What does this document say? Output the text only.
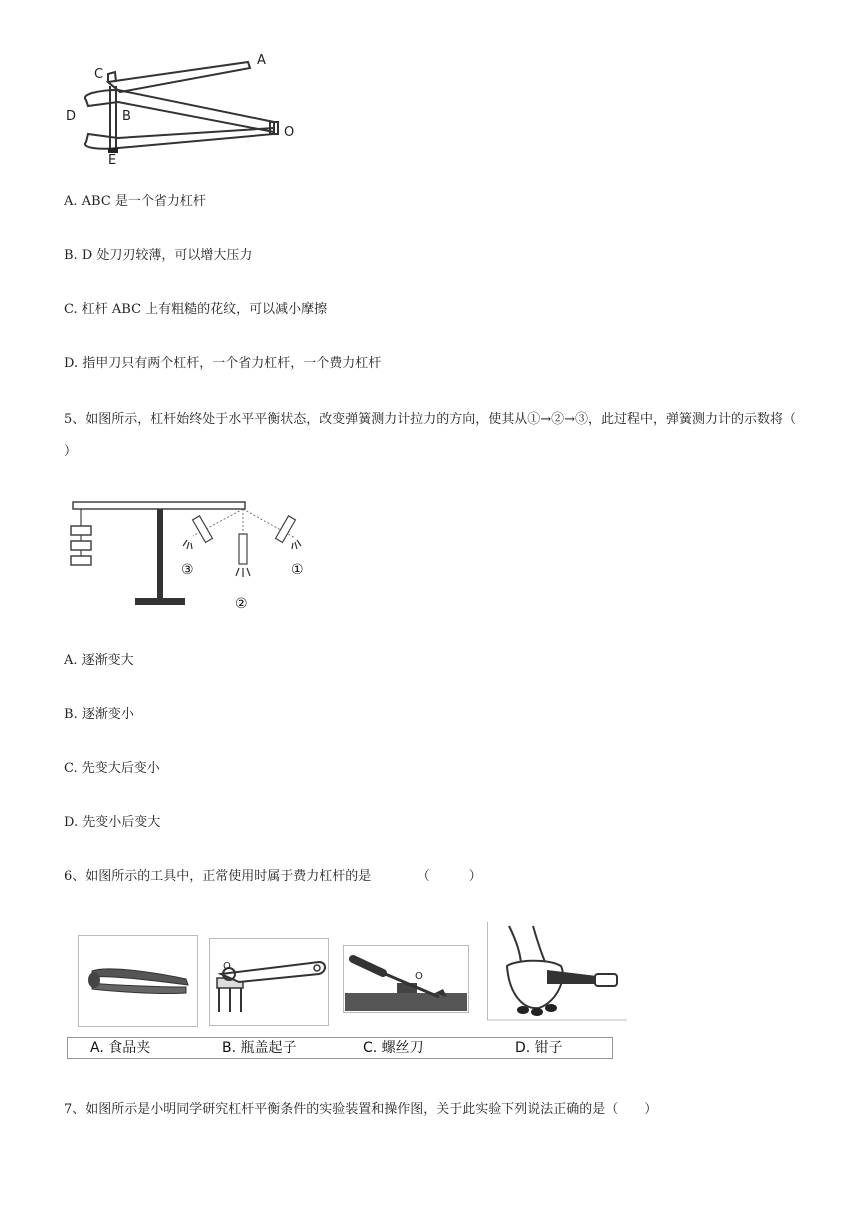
A
C
D	B
O
E
A. ABC 是一个省力杠杆
B. D 处刀刃较薄，可以增大压力
C. 杠杆 ABC 上有粗糙的花纹，可以减小摩擦
D. 指甲刀只有两个杠杆，一个省力杠杆，一个费力杠杆
5、如图所示，杠杆始终处于水平平衡状态，改变弹簧测力计拉力的方向，使其从①→②→③，此过程中，弹簧测力计的示数将（ ）
③
②
①
A. 逐渐变大
B. 逐渐变小
C. 先变大后变小
D. 先变小后变大
6、如图所示的工具中，正常使用时属于费力杠杆的是　　　　（　　　）
O
O
A. 食品夹	B. 瓶盖起子	C. 螺丝刀	D. 钳子
7、如图所示是小明同学研究杠杆平衡条件的实验装置和操作图，关于此实验下列说法正确的是（　　）
